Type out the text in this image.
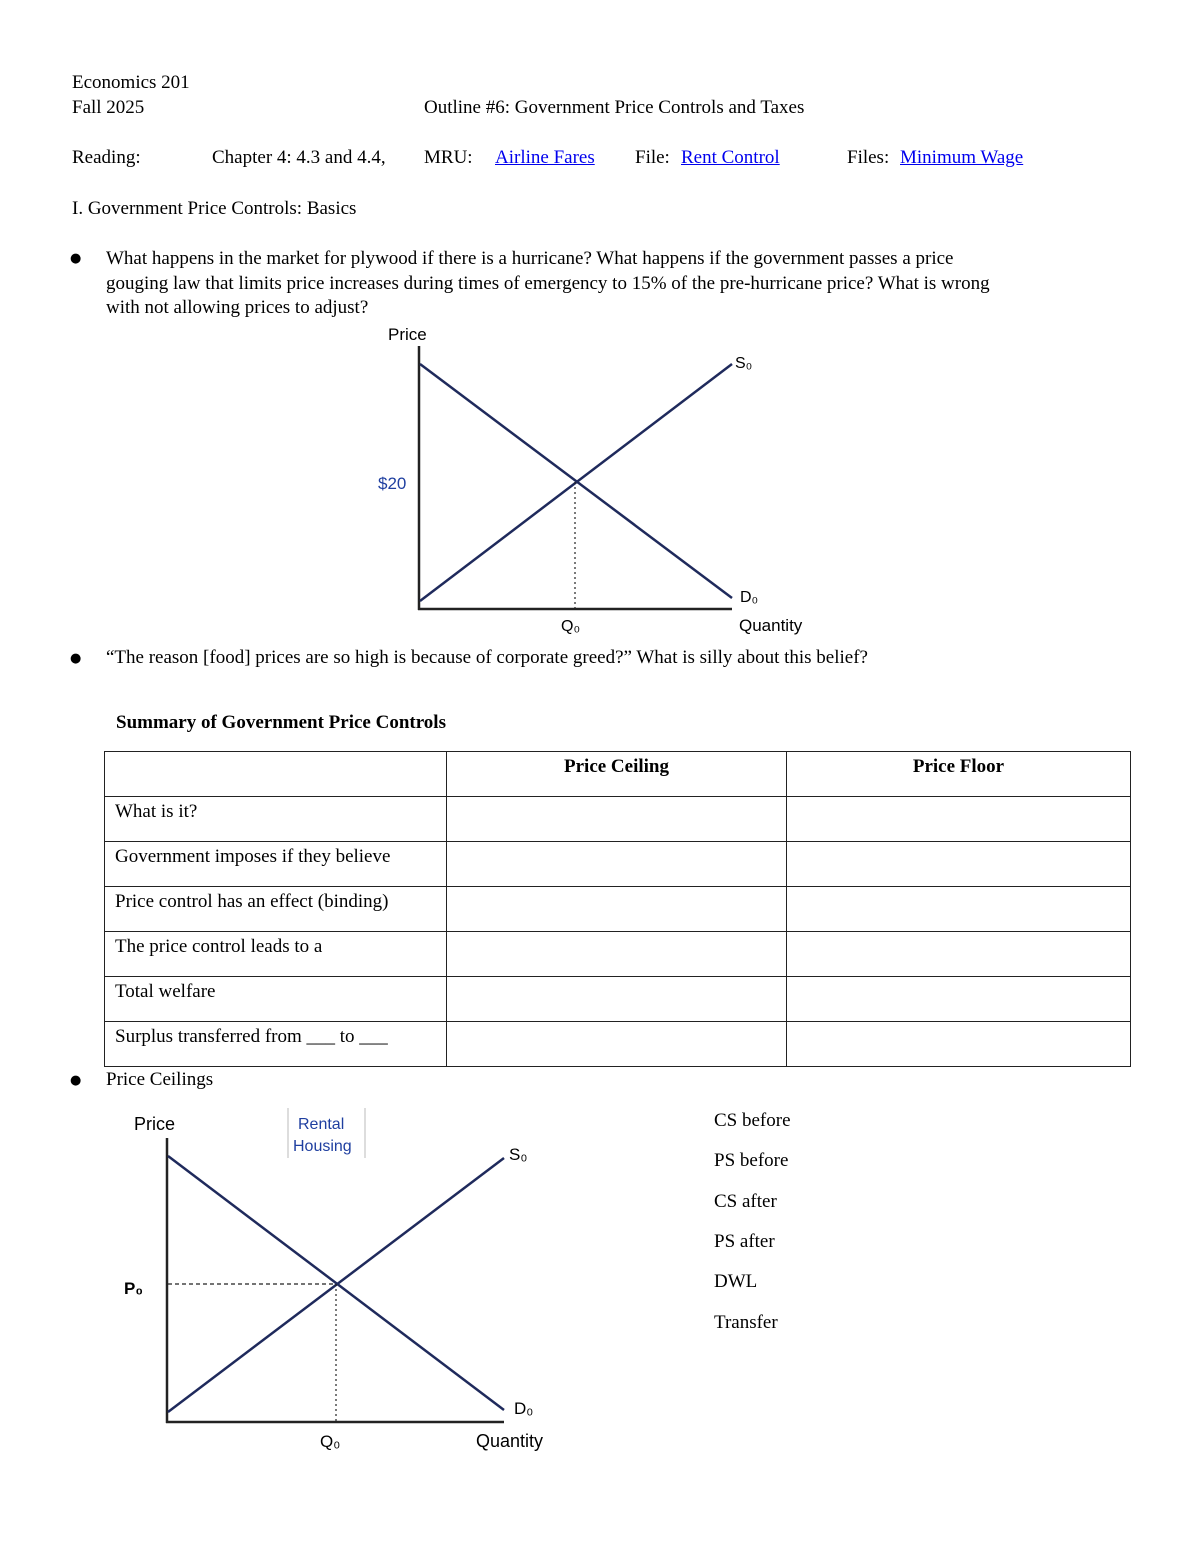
Economics 201
Fall 2025	Outline #6: Government Price Controls and Taxes
Reading:	Chapter 4: 4.3 and 4.4, MRU: Airline Fares File: Rent Control	Files: Minimum Wage
I. Government Price Controls: Basics
● What happens in the market for plywood if there is a hurricane? What happens if the government passes a price
gouging law that limits price increases during times of emergency to 15% of the pre-hurricane price? What is wrong
with not allowing prices to adjust?
Price
$20
S₀
D₀
Q₀	Quantity
● “The reason [food] prices are so high is because of corporate greed?” What is silly about this belief?
Summary of Government Price Controls
	Price Ceiling	Price Floor
What is it?		
Government imposes if they believe		
Price control has an effect (binding)		
The price control leads to a		
Total welfare		
Surplus transferred from ___ to ___		
● Price Ceilings
Price	Rental
Housing
P₀
S₀
D₀
Q₀	Quantity
CS before
PS before
CS after
PS after
DWL
Transfer
